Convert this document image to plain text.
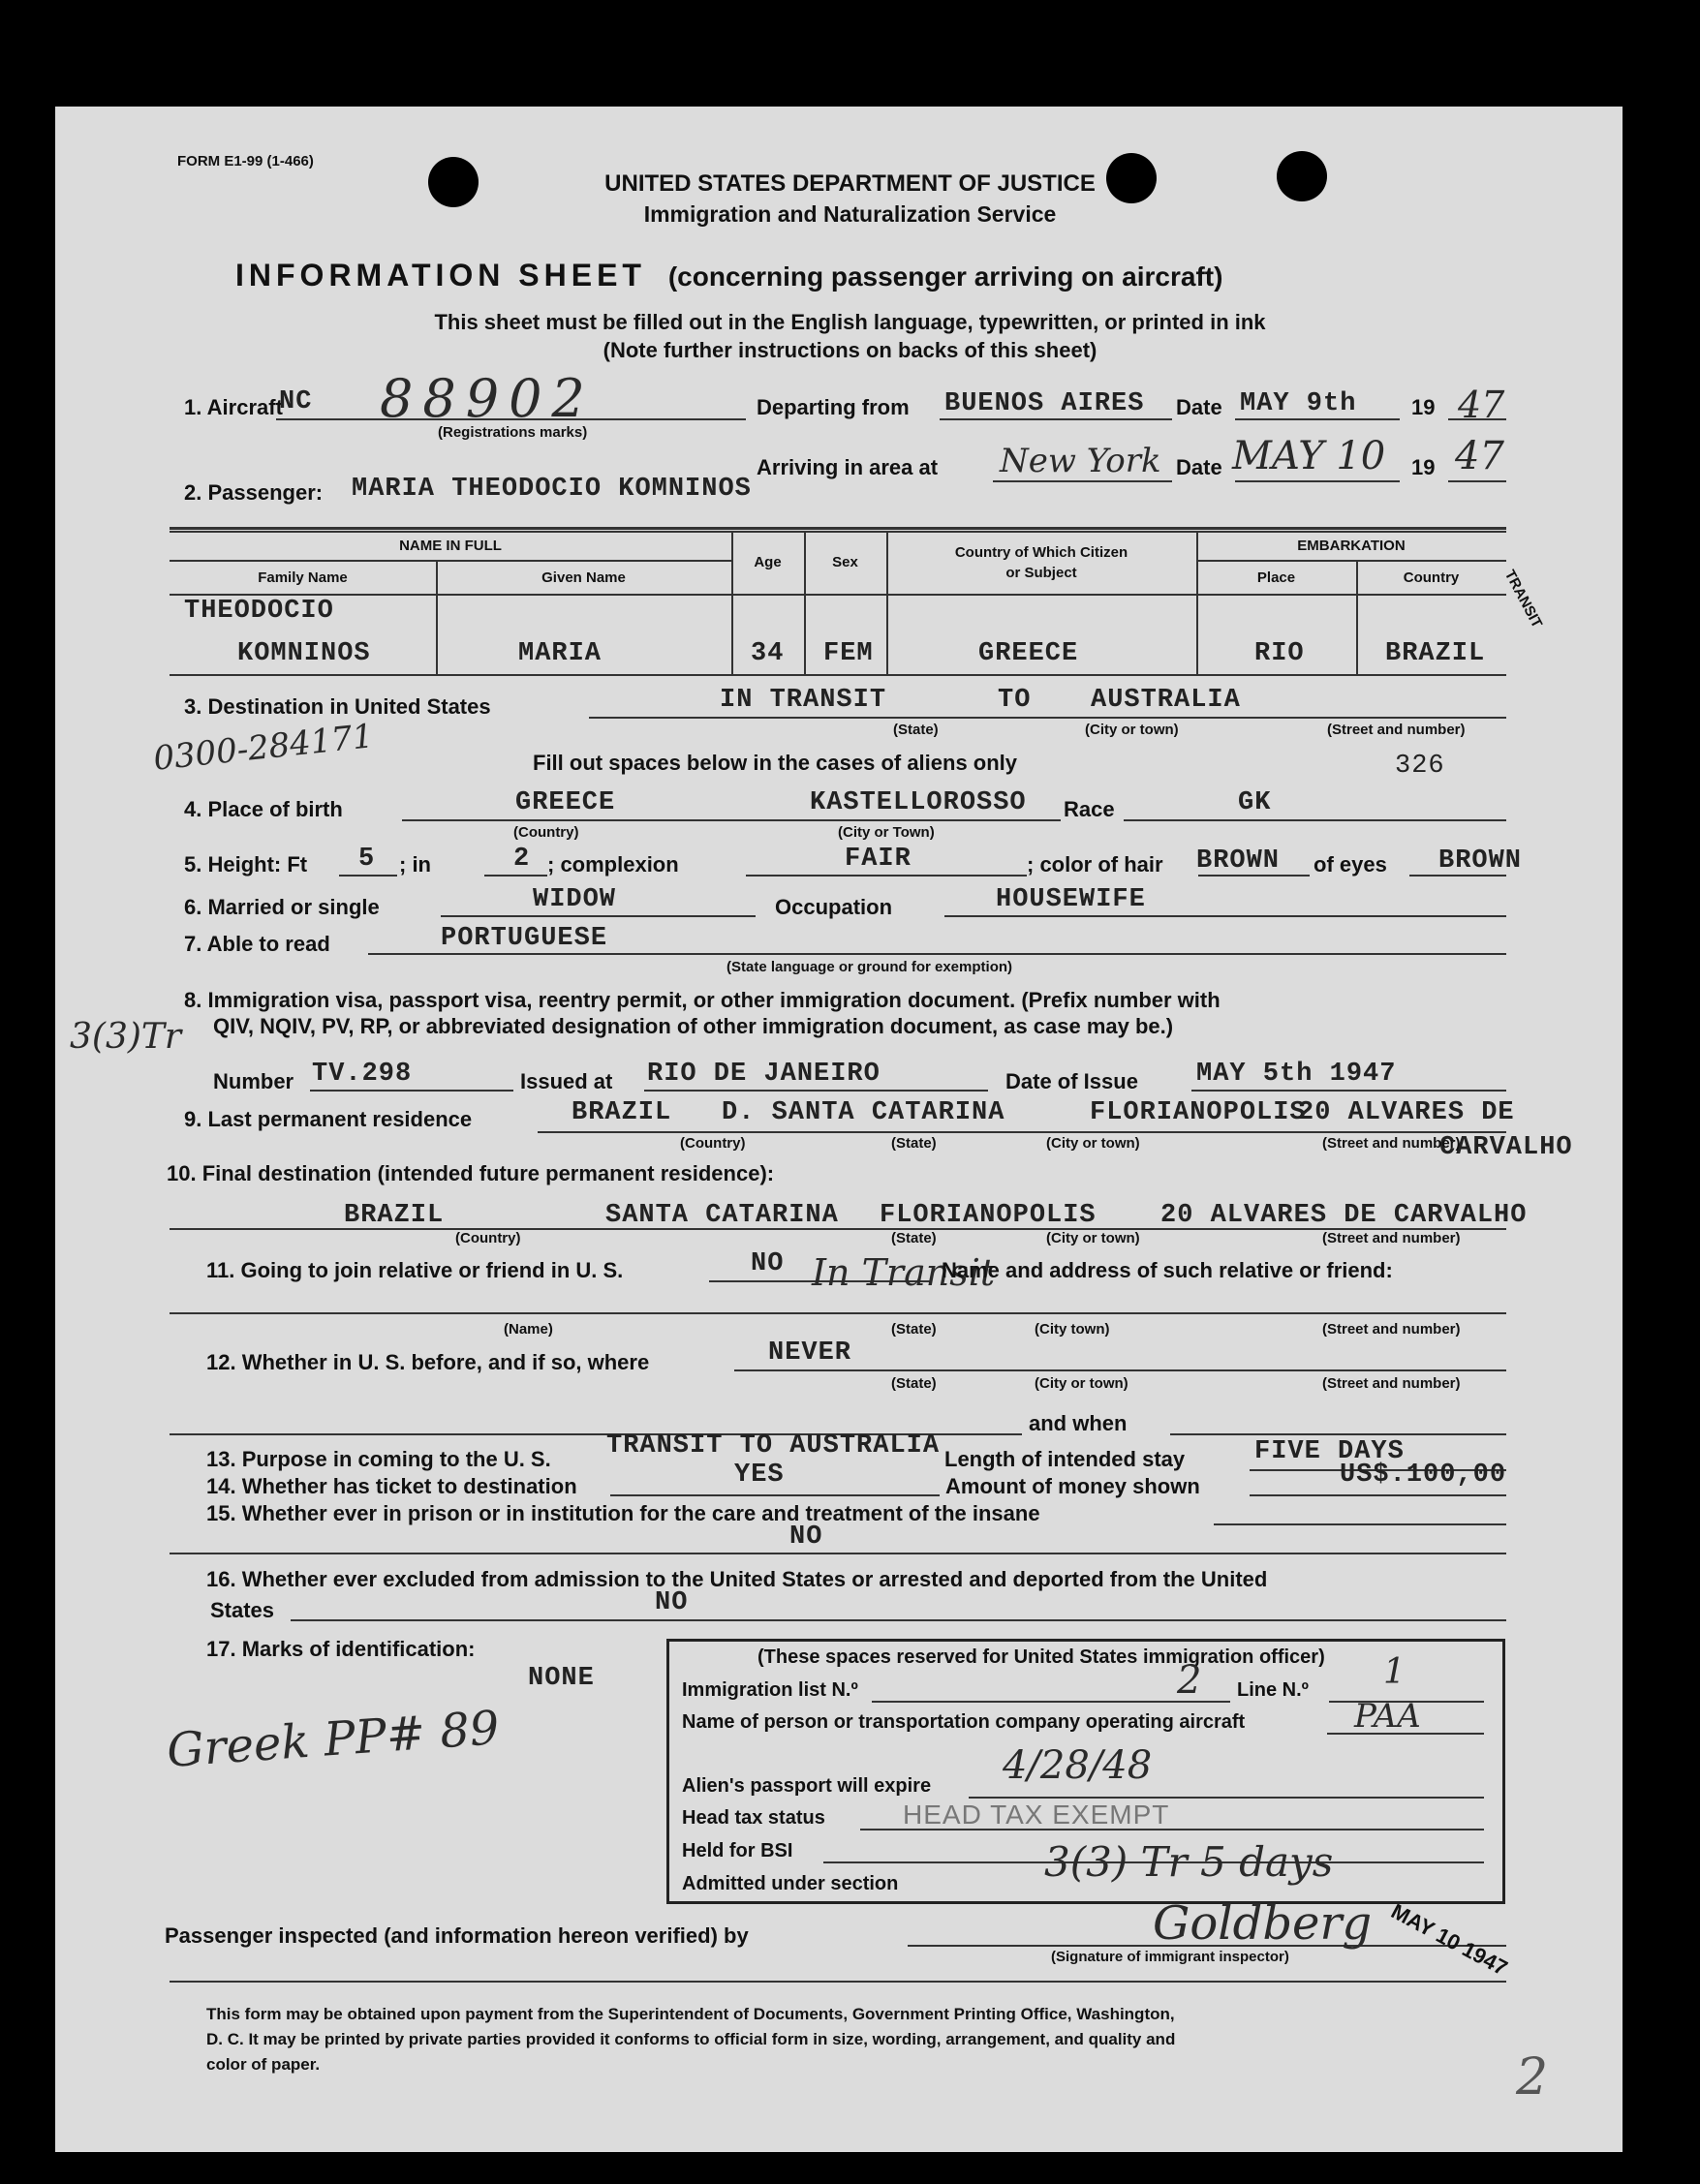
FORM E1-99 (1-466)
UNITED STATES DEPARTMENT OF JUSTICE
Immigration and Naturalization Service
INFORMATION SHEET (concerning passenger arriving on aircraft)
This sheet must be filled out in the English language, typewritten, or printed in ink
(Note further instructions on backs of this sheet)
1. Aircraft
NC 88902
(Registrations marks)
Departing from BUENOS AIRES Date MAY 9th	19 47
Arriving in area at New York Date MAY 10 19 47
2. Passenger: MARIA THEODOCIO KOMNINOS
NAME IN FULL
Family Name	Given Name
Age	Sex
Country of Which Citizen
or Subject
EMBARKATION
Place	Country
THEODOCIO
KOMNINOS	MARIA	34 FEM	GREECE	RIO	BRAZIL
TRANSIT
3. Destination in United States	IN TRANSIT	TO AUSTRALIA
(State)	(City or town)	(Street and number)
0300-284171	Fill out spaces below in the cases of aliens only	326
4. Place of birth	GREECE	KASTELLOROSSO Race	GK
(Country)	(City or Town)
5. Height: Ft 5 ; in	2 ; complexion	FAIR	; color of hair BROWN of eyes BROWN
6. Married or single	WIDOW	Occupation	HOUSEWIFE
7. Able to read	PORTUGUESE
(State language or ground for exemption)
8. Immigration visa, passport visa, reentry permit, or other immigration document. (Prefix number with
QIV, NQIV, PV, RP, or abbreviated designation of other immigration document, as case may be.)
3(3)Tr
Number TV.298	Issued at RIO DE JANEIRO	Date of Issue MAY 5th 1947
9. Last permanent residence	BRAZIL D. SANTA CATARINA	FLORIANOPOLIS
20 ALVARES DE
CARVALHO
(Country)	(State)	(City or town)	(Street and number)
10. Final destination (intended future permanent residence):
BRAZIL	SANTA CATARINA FLORIANOPOLIS 20 ALVARES DE CARVALHO
(Country)	(State)	(City or town)	(Street and number)
11. Going to join relative or friend in U. S.	NO In Transit
Name and address of such relative or friend:
(Name)	(State)	(City town)	(Street and number)
12. Whether in U. S. before, and if so, where	NEVER
(State)	(City or town)	(Street and number)
and when
13. Purpose in coming to the U. S. TRANSIT TO AUSTRALIA Length of intended stay	FIVE DAYS
14. Whether has ticket to destination	YES	Amount of money shown	US$.100,00
15. Whether ever in prison or in institution for the care and treatment of the insane
NO
16. Whether ever excluded from admission to the United States or arrested and deported from the United
States	NO
17. Marks of identification:
NONE
Greek PP# 89
(These spaces reserved for United States immigration officer)
Immigration list N.º	2 Line N.º 1
Name of person or transportation company operating aircraft	PAA
Alien's passport will expire 4/28/48
Head tax status	HEAD TAX EXEMPT
Held for BSI
Admitted under section	3(3) Tr 5 days
Passenger inspected (and information hereon verified) by	Goldberg MAY 10 1947
(Signature of immigrant inspector)
This form may be obtained upon payment from the Superintendent of Documents, Government Printing Office, Washington,
D. C. It may be printed by private parties provided it conforms to official form in size, wording, arrangement, and quality and
color of paper.	2
